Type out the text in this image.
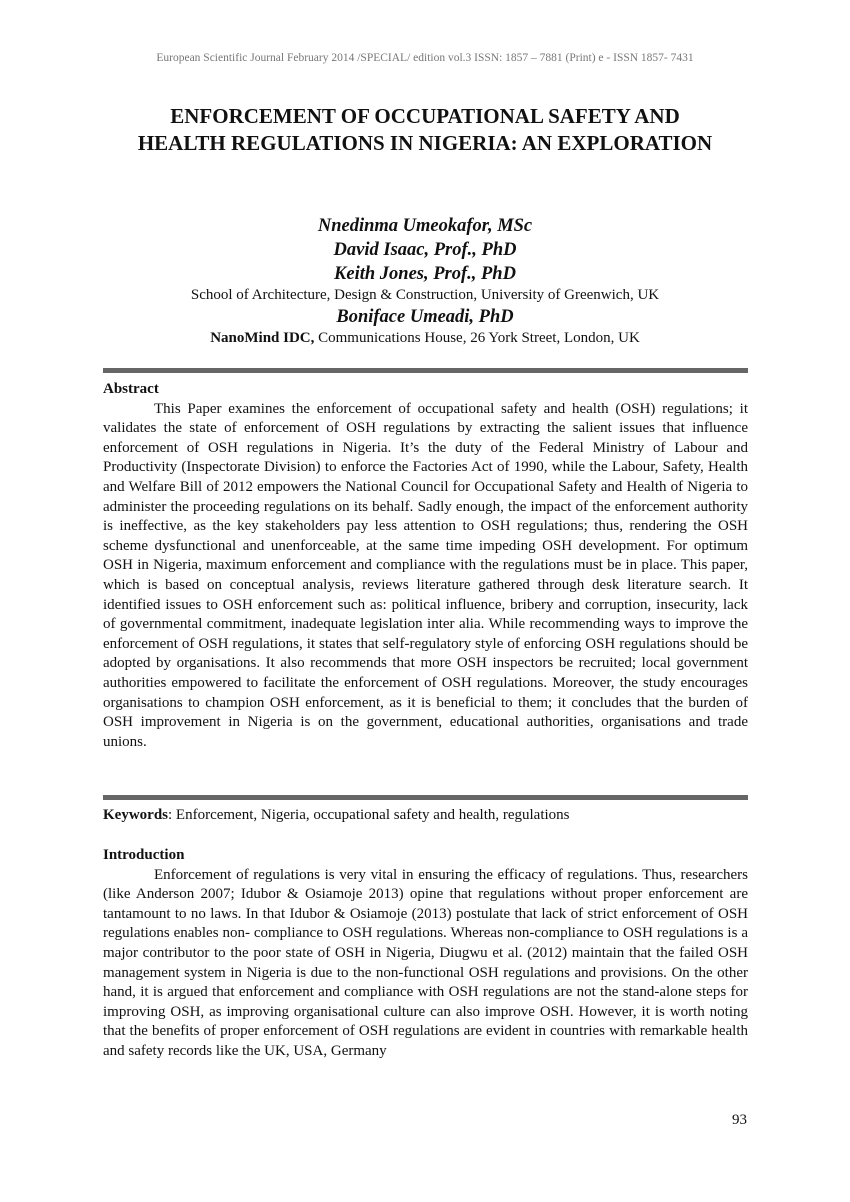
European Scientific Journal February 2014 /SPECIAL/ edition vol.3 ISSN: 1857 – 7881 (Print) e - ISSN 1857- 7431
ENFORCEMENT OF OCCUPATIONAL SAFETY AND
HEALTH REGULATIONS IN NIGERIA: AN EXPLORATION
Nnedinma Umeokafor, MSc
David Isaac, Prof., PhD
Keith Jones, Prof., PhD
School of Architecture, Design & Construction, University of Greenwich, UK
Boniface Umeadi, PhD
NanoMind IDC, Communications House, 26 York Street, London, UK
Abstract

This Paper examines the enforcement of occupational safety and health (OSH) regulations; it validates the state of enforcement of OSH regulations by extracting the salient issues that influence enforcement of OSH regulations in Nigeria. It’s the duty of the Federal Ministry of Labour and Productivity (Inspectorate Division) to enforce the Factories Act of 1990, while the Labour, Safety, Health and Welfare Bill of 2012 empowers the National Council for Occupational Safety and Health of Nigeria to administer the proceeding regulations on its behalf. Sadly enough, the impact of the enforcement authority is ineffective, as the key stakeholders pay less attention to OSH regulations; thus, rendering the OSH scheme dysfunctional and unenforceable, at the same time impeding OSH development. For optimum OSH in Nigeria, maximum enforcement and compliance with the regulations must be in place. This paper, which is based on conceptual analysis, reviews literature gathered through desk literature search. It identified issues to OSH enforcement such as: political influence, bribery and corruption, insecurity, lack of governmental commitment, inadequate legislation inter alia. While recommending ways to improve the enforcement of OSH regulations, it states that self-regulatory style of enforcing OSH regulations should be adopted by organisations. It also recommends that more OSH inspectors be recruited; local government authorities empowered to facilitate the enforcement of OSH regulations. Moreover, the study encourages organisations to champion OSH enforcement, as it is beneficial to them; it concludes that the burden of OSH improvement in Nigeria is on the government, educational authorities, organisations and trade unions.

Keywords: Enforcement, Nigeria, occupational safety and health, regulations
Introduction

Enforcement of regulations is very vital in ensuring the efficacy of regulations. Thus, researchers (like Anderson 2007; Idubor & Osiamoje 2013) opine that regulations without proper enforcement are tantamount to no laws. In that Idubor & Osiamoje (2013) postulate that lack of strict enforcement of OSH regulations enables non- compliance to OSH regulations. Whereas non-compliance to OSH regulations is a major contributor to the poor state of OSH in Nigeria, Diugwu et al. (2012) maintain that the failed OSH management system in Nigeria is due to the non-functional OSH regulations and provisions. On the other hand, it is argued that enforcement and compliance with OSH regulations are not the stand-alone steps for improving OSH, as improving organisational culture can also improve OSH. However, it is worth noting that the benefits of proper enforcement of OSH regulations are evident in countries with remarkable health and safety records like the UK, USA, Germany

93
